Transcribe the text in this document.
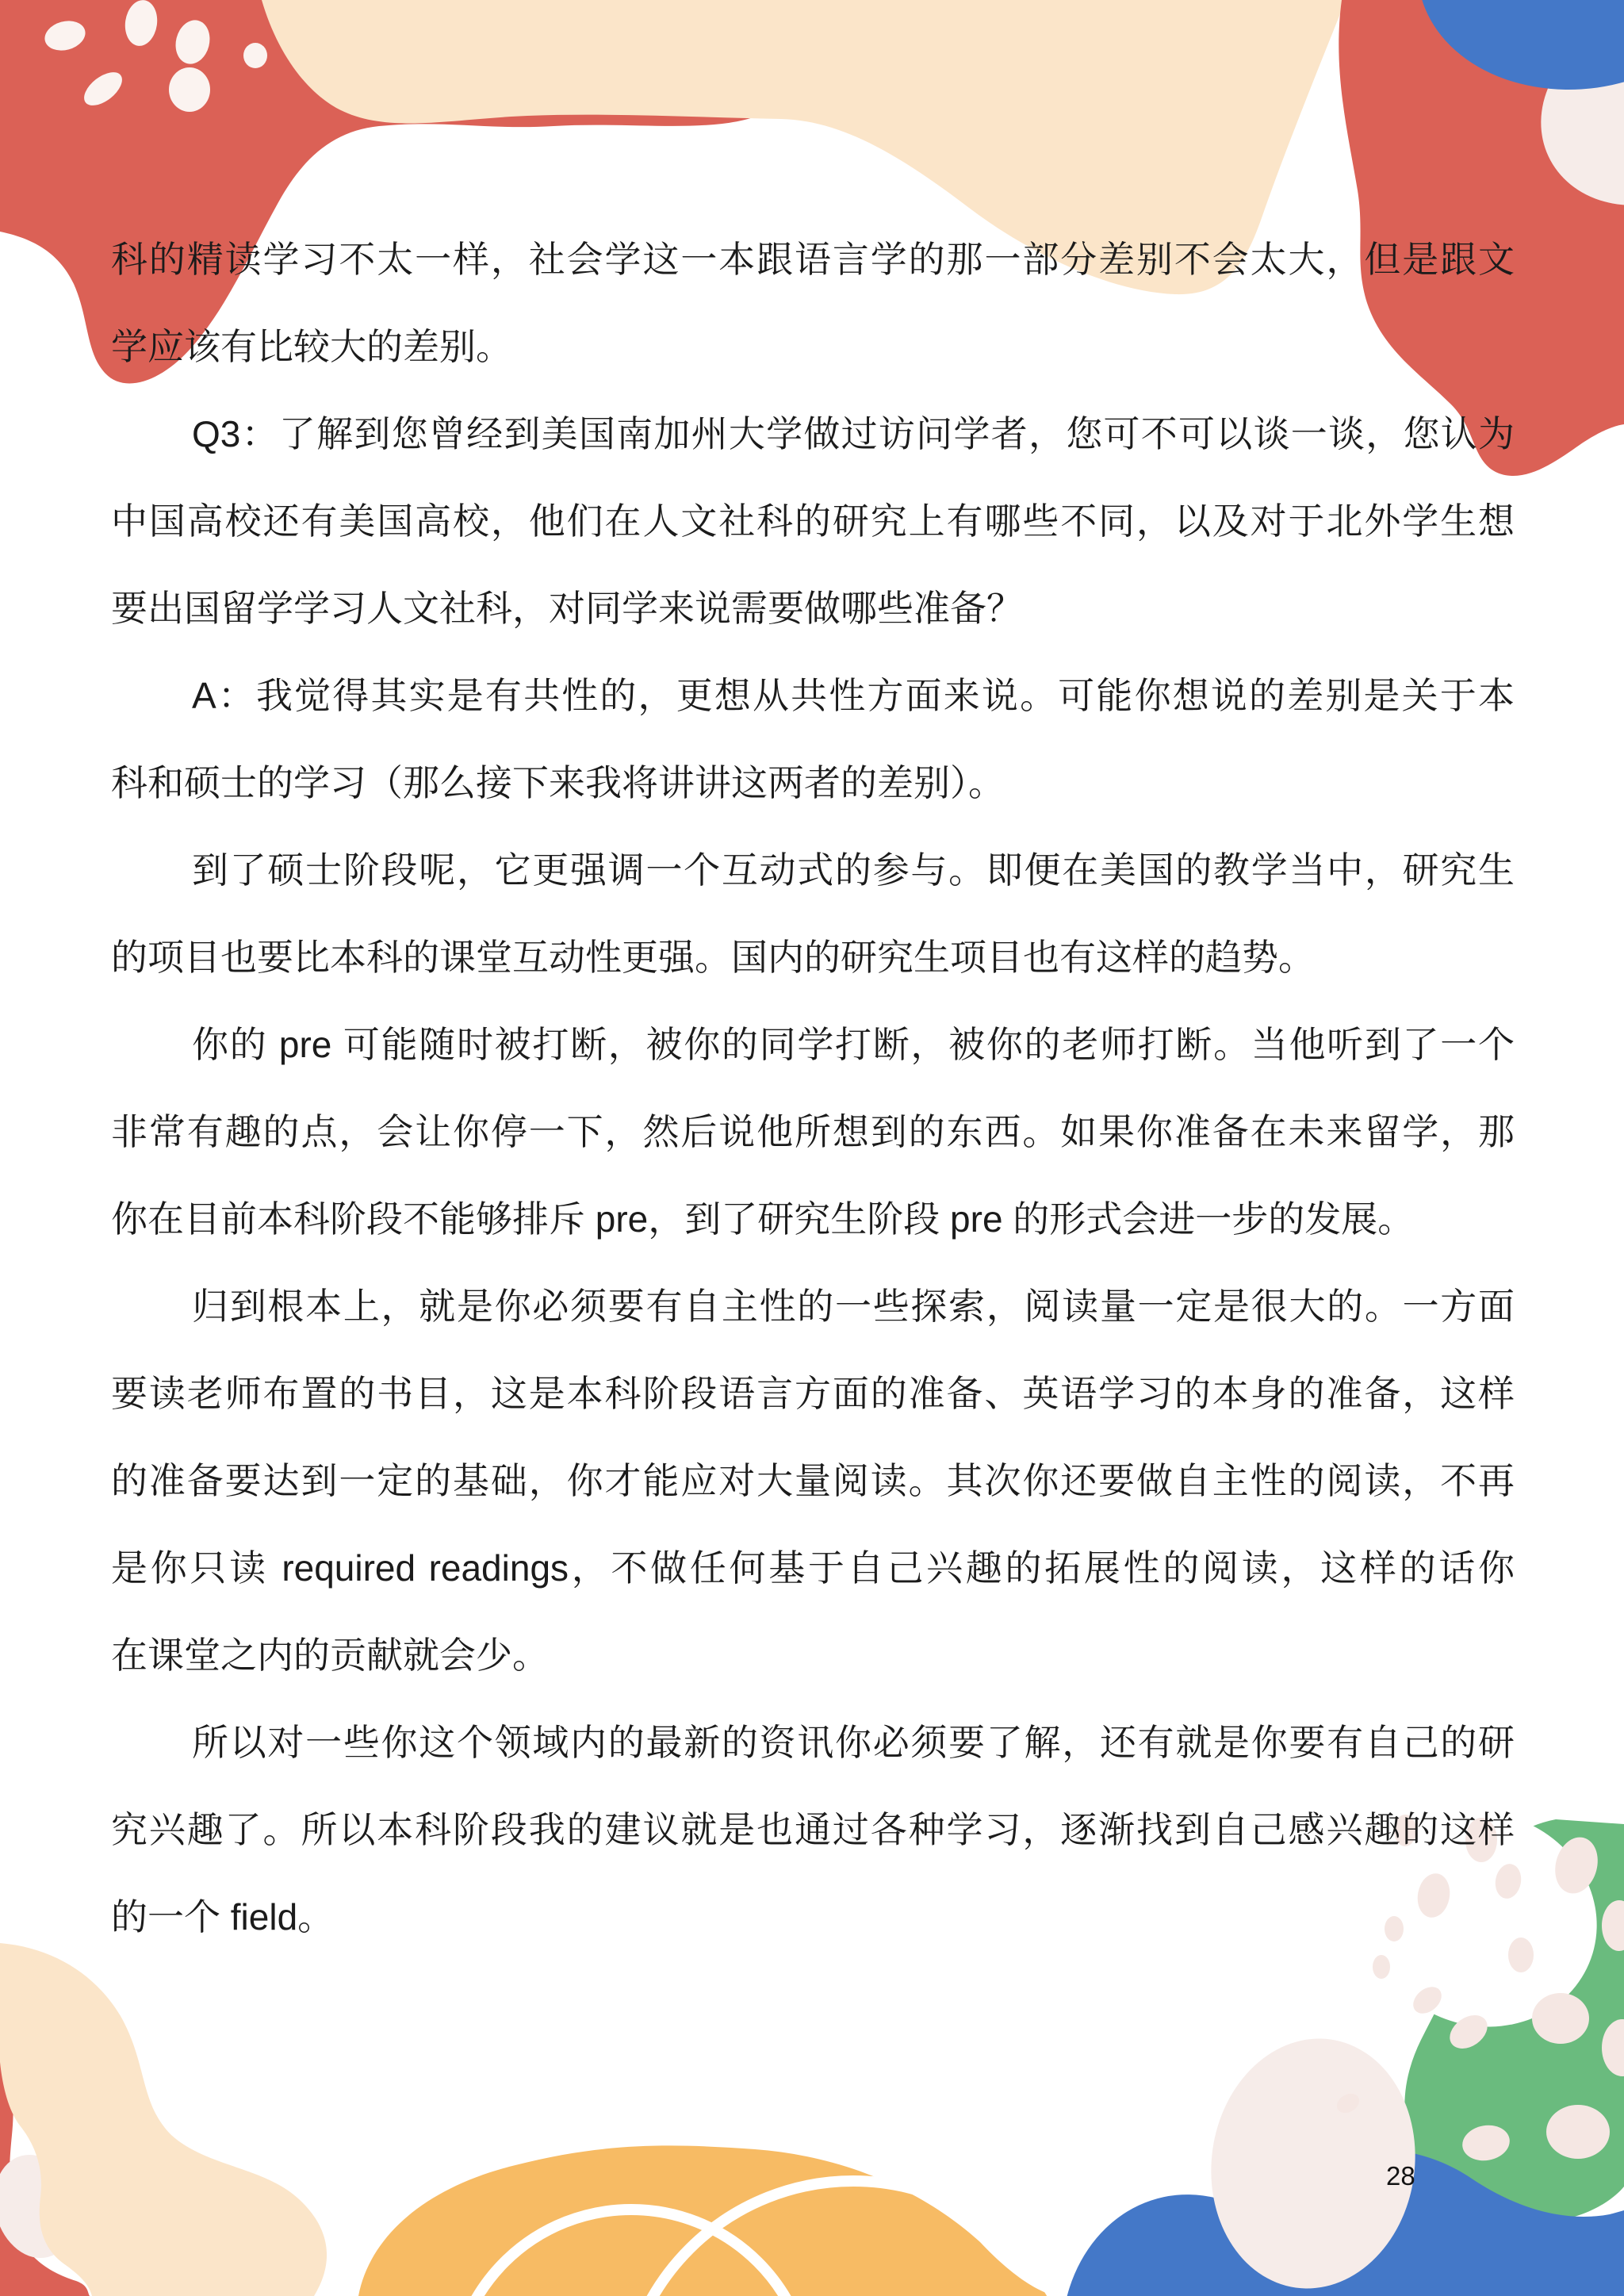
科的精读学习不太一样，社会学这一本跟语言学的那一部分差别不会太大，但是跟文
学应该有比较大的差别。
Q3：了解到您曾经到美国南加州大学做过访问学者，您可不可以谈一谈，您认为
中国高校还有美国高校，他们在人文社科的研究上有哪些不同，以及对于北外学生想
要出国留学学习人文社科，对同学来说需要做哪些准备？
A：我觉得其实是有共性的，更想从共性方面来说。可能你想说的差别是关于本
科和硕士的学习（那么接下来我将讲讲这两者的差别）。
到了硕士阶段呢，它更强调一个互动式的参与。即便在美国的教学当中，研究生
的项目也要比本科的课堂互动性更强。国内的研究生项目也有这样的趋势。
你的 pre 可能随时被打断，被你的同学打断，被你的老师打断。当他听到了一个
非常有趣的点，会让你停一下，然后说他所想到的东西。如果你准备在未来留学，那
你在目前本科阶段不能够排斥 pre，到了研究生阶段 pre 的形式会进一步的发展。
归到根本上，就是你必须要有自主性的一些探索，阅读量一定是很大的。一方面
要读老师布置的书目，这是本科阶段语言方面的准备、英语学习的本身的准备，这样
的准备要达到一定的基础，你才能应对大量阅读。其次你还要做自主性的阅读，不再
是你只读 required readings，不做任何基于自己兴趣的拓展性的阅读，这样的话你
在课堂之内的贡献就会少。
所以对一些你这个领域内的最新的资讯你必须要了解，还有就是你要有自己的研
究兴趣了。所以本科阶段我的建议就是也通过各种学习，逐渐找到自己感兴趣的这样
的一个 field。
28
